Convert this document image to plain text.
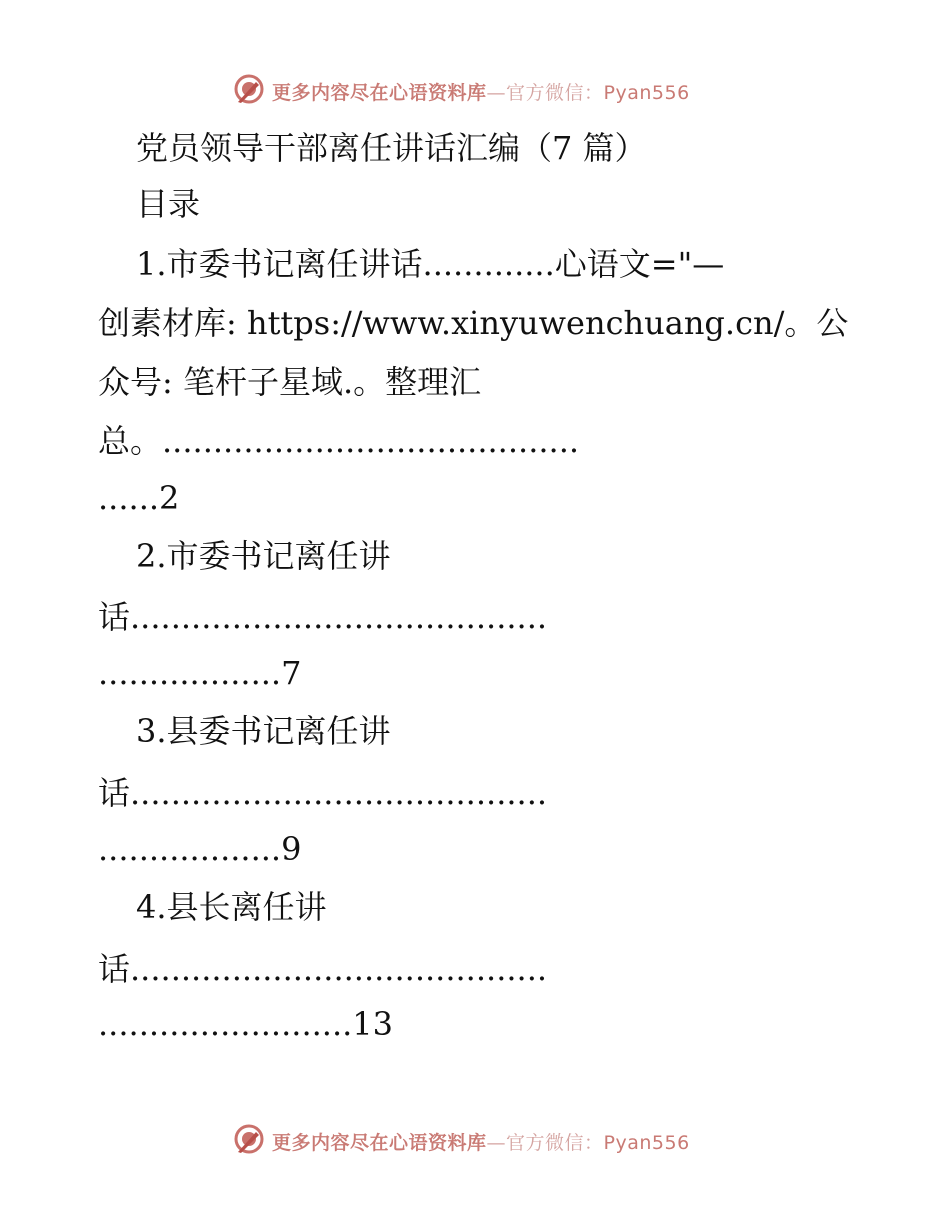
更多内容尽在心语资料库—官方微信：Pyan556
党员领导干部离任讲话汇编（7 篇）
目录
1.市委书记离任讲话.............心语文="—
创素材库: https://www.xinyuwenchuang.cn/。公
众号: 笔杆子星域.。整理汇
总。.........................................
......2
2.市委书记离任讲
话.........................................
..................7
3.县委书记离任讲
话.........................................
..................9
4.县长离任讲
话.........................................
.........................13
更多内容尽在心语资料库—官方微信：Pyan556
